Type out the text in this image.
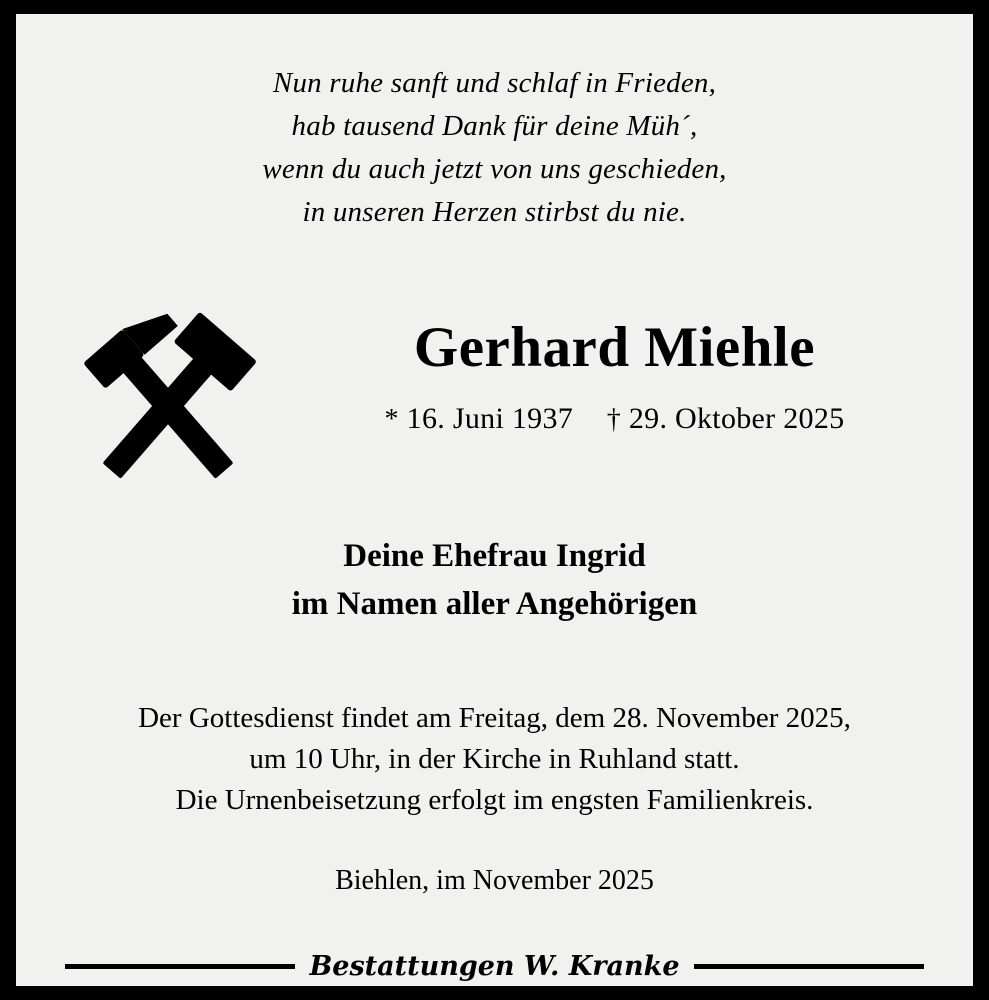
Nun ruhe sanft und schlaf in Frieden,
hab tausend Dank für deine Müh´,
wenn du auch jetzt von uns geschieden,
in unseren Herzen stirbst du nie.
Gerhard Miehle
* 16. Juni 1937 † 29. Oktober 2025
Deine Ehefrau Ingrid
im Namen aller Angehörigen
Der Gottesdienst findet am Freitag, dem 28. November 2025,
um 10 Uhr, in der Kirche in Ruhland statt.
Die Urnenbeisetzung erfolgt im engsten Familienkreis.
Biehlen, im November 2025
Bestattungen W. Kranke
